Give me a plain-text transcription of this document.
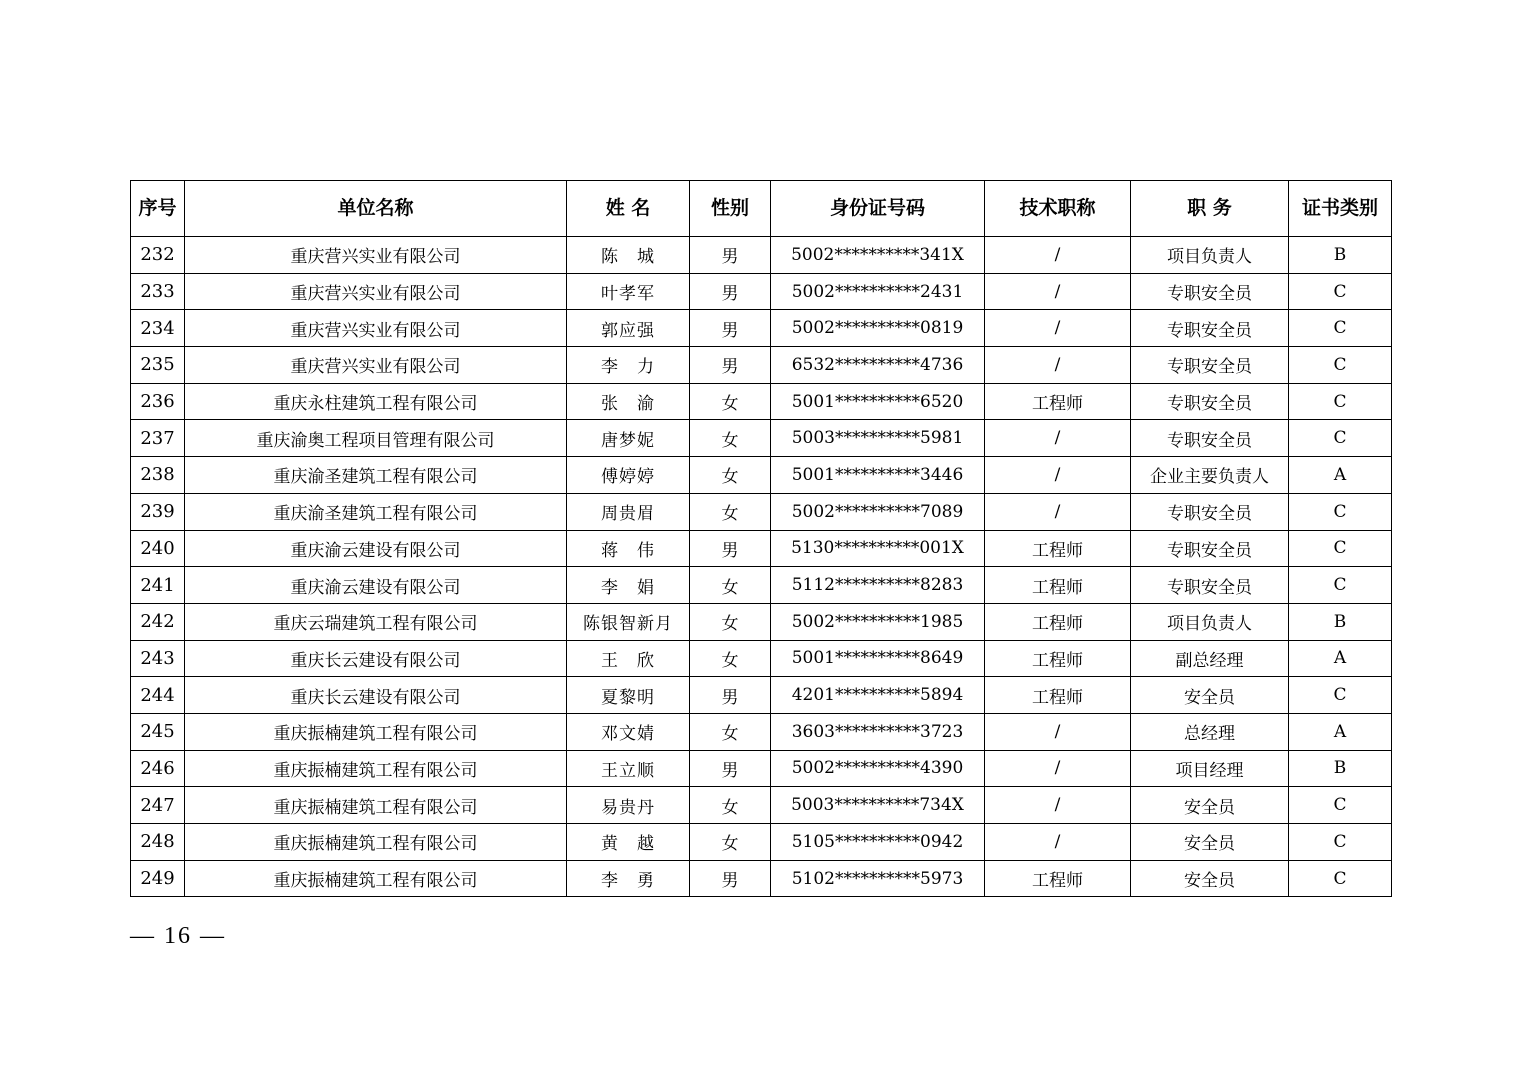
序号	单位名称	姓 名	性别	身份证号码	技术职称	职 务	证书类别
232	重庆营兴实业有限公司	陈　城	男	5002**********341X	/	项目负责人	B
233	重庆营兴实业有限公司	叶孝军	男	5002**********2431	/	专职安全员	C
234	重庆营兴实业有限公司	郭应强	男	5002**********0819	/	专职安全员	C
235	重庆营兴实业有限公司	李　力	男	6532**********4736	/	专职安全员	C
236	重庆永柱建筑工程有限公司	张　渝	女	5001**********6520	工程师	专职安全员	C
237	重庆渝奥工程项目管理有限公司	唐梦妮	女	5003**********5981	/	专职安全员	C
238	重庆渝圣建筑工程有限公司	傅婷婷	女	5001**********3446	/	企业主要负责人	A
239	重庆渝圣建筑工程有限公司	周贵眉	女	5002**********7089	/	专职安全员	C
240	重庆渝云建设有限公司	蒋　伟	男	5130**********001X	工程师	专职安全员	C
241	重庆渝云建设有限公司	李　娟	女	5112**********8283	工程师	专职安全员	C
242	重庆云瑞建筑工程有限公司	陈银智新月	女	5002**********1985	工程师	项目负责人	B
243	重庆长云建设有限公司	王　欣	女	5001**********8649	工程师	副总经理	A
244	重庆长云建设有限公司	夏黎明	男	4201**********5894	工程师	安全员	C
245	重庆振楠建筑工程有限公司	邓文婧	女	3603**********3723	/	总经理	A
246	重庆振楠建筑工程有限公司	王立顺	男	5002**********4390	/	项目经理	B
247	重庆振楠建筑工程有限公司	易贵丹	女	5003**********734X	/	安全员	C
248	重庆振楠建筑工程有限公司	黄　越	女	5105**********0942	/	安全员	C
249	重庆振楠建筑工程有限公司	李　勇	男	5102**********5973	工程师	安全员	C
— 16 —
